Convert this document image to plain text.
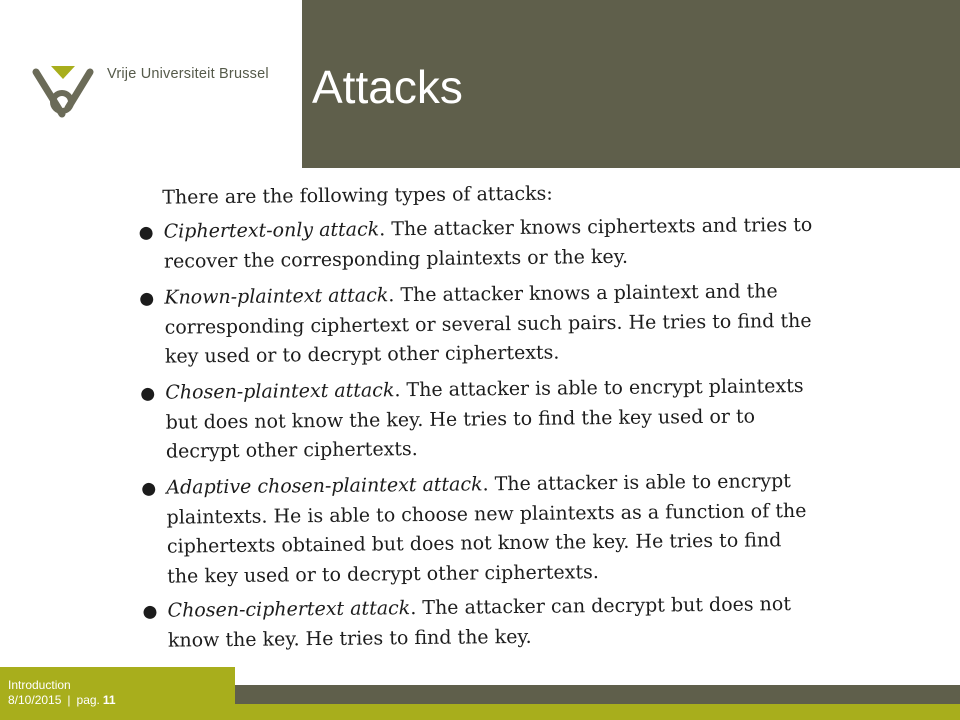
Vrije Universiteit Brussel Attacks

There are the following types of attacks:

● Ciphertext-only attack. The attacker knows ciphertexts and tries to recover the corresponding plaintexts or the key.
● Known-plaintext attack. The attacker knows a plaintext and the corresponding ciphertext or several such pairs. He tries to find the key used or to decrypt other ciphertexts.
● Chosen-plaintext attack. The attacker is able to encrypt plaintexts but does not know the key. He tries to find the key used or to decrypt other ciphertexts.
● Adaptive chosen-plaintext attack. The attacker is able to encrypt plaintexts. He is able to choose new plaintexts as a function of the ciphertexts obtained but does not know the key. He tries to find the key used or to decrypt other ciphertexts.
● Chosen-ciphertext attack. The attacker can decrypt but does not know the key. He tries to find the key.
Introduction
8/10/2015 | pag. 11
